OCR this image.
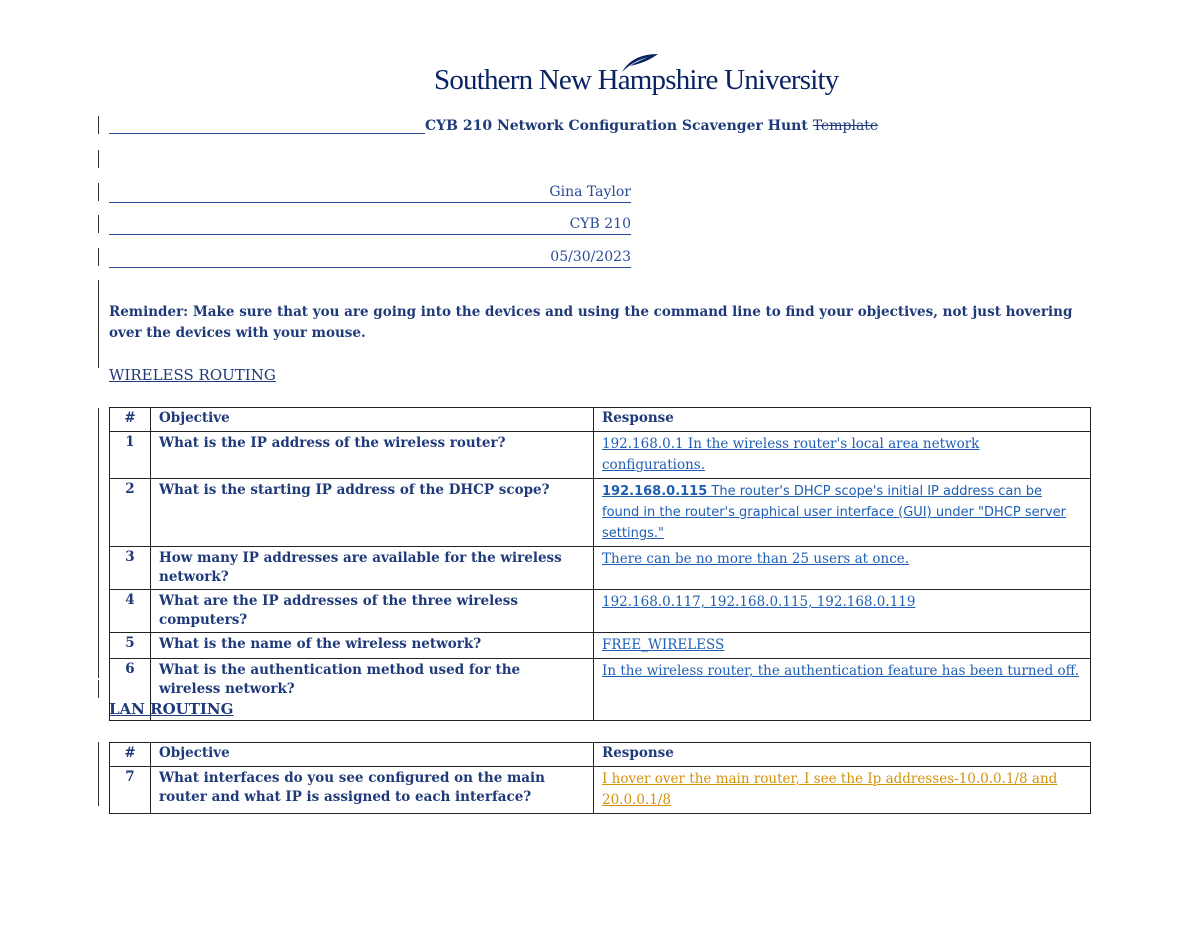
Southern New Hampshire University
CYB 210 Network Configuration Scavenger Hunt Template
Gina Taylor
CYB 210
05/30/2023
Reminder: Make sure that you are going into the devices and using the command line to find your objectives, not just hovering over the devices with your mouse.
WIRELESS ROUTING
#	Objective	Response
1	What is the IP address of the wireless router?	192.168.0.1 In the wireless router's local area network configurations.
2	What is the starting IP address of the DHCP scope?	192.168.0.115 The router's DHCP scope's initial IP address can be found in the router's graphical user interface (GUI) under "DHCP server settings."
3	How many IP addresses are available for the wireless network?	There can be no more than 25 users at once.
4	What are the IP addresses of the three wireless computers?	192.168.0.117, 192.168.0.115, 192.168.0.119
5	What is the name of the wireless network?	FREE_WIRELESS
6	What is the authentication method used for the wireless network?	In the wireless router, the authentication feature has been turned off.
LAN ROUTING
#	Objective	Response
7	What interfaces do you see configured on the main router and what IP is assigned to each interface?	I hover over the main router, I see the Ip addresses-10.0.0.1/8 and 20.0.0.1/8
